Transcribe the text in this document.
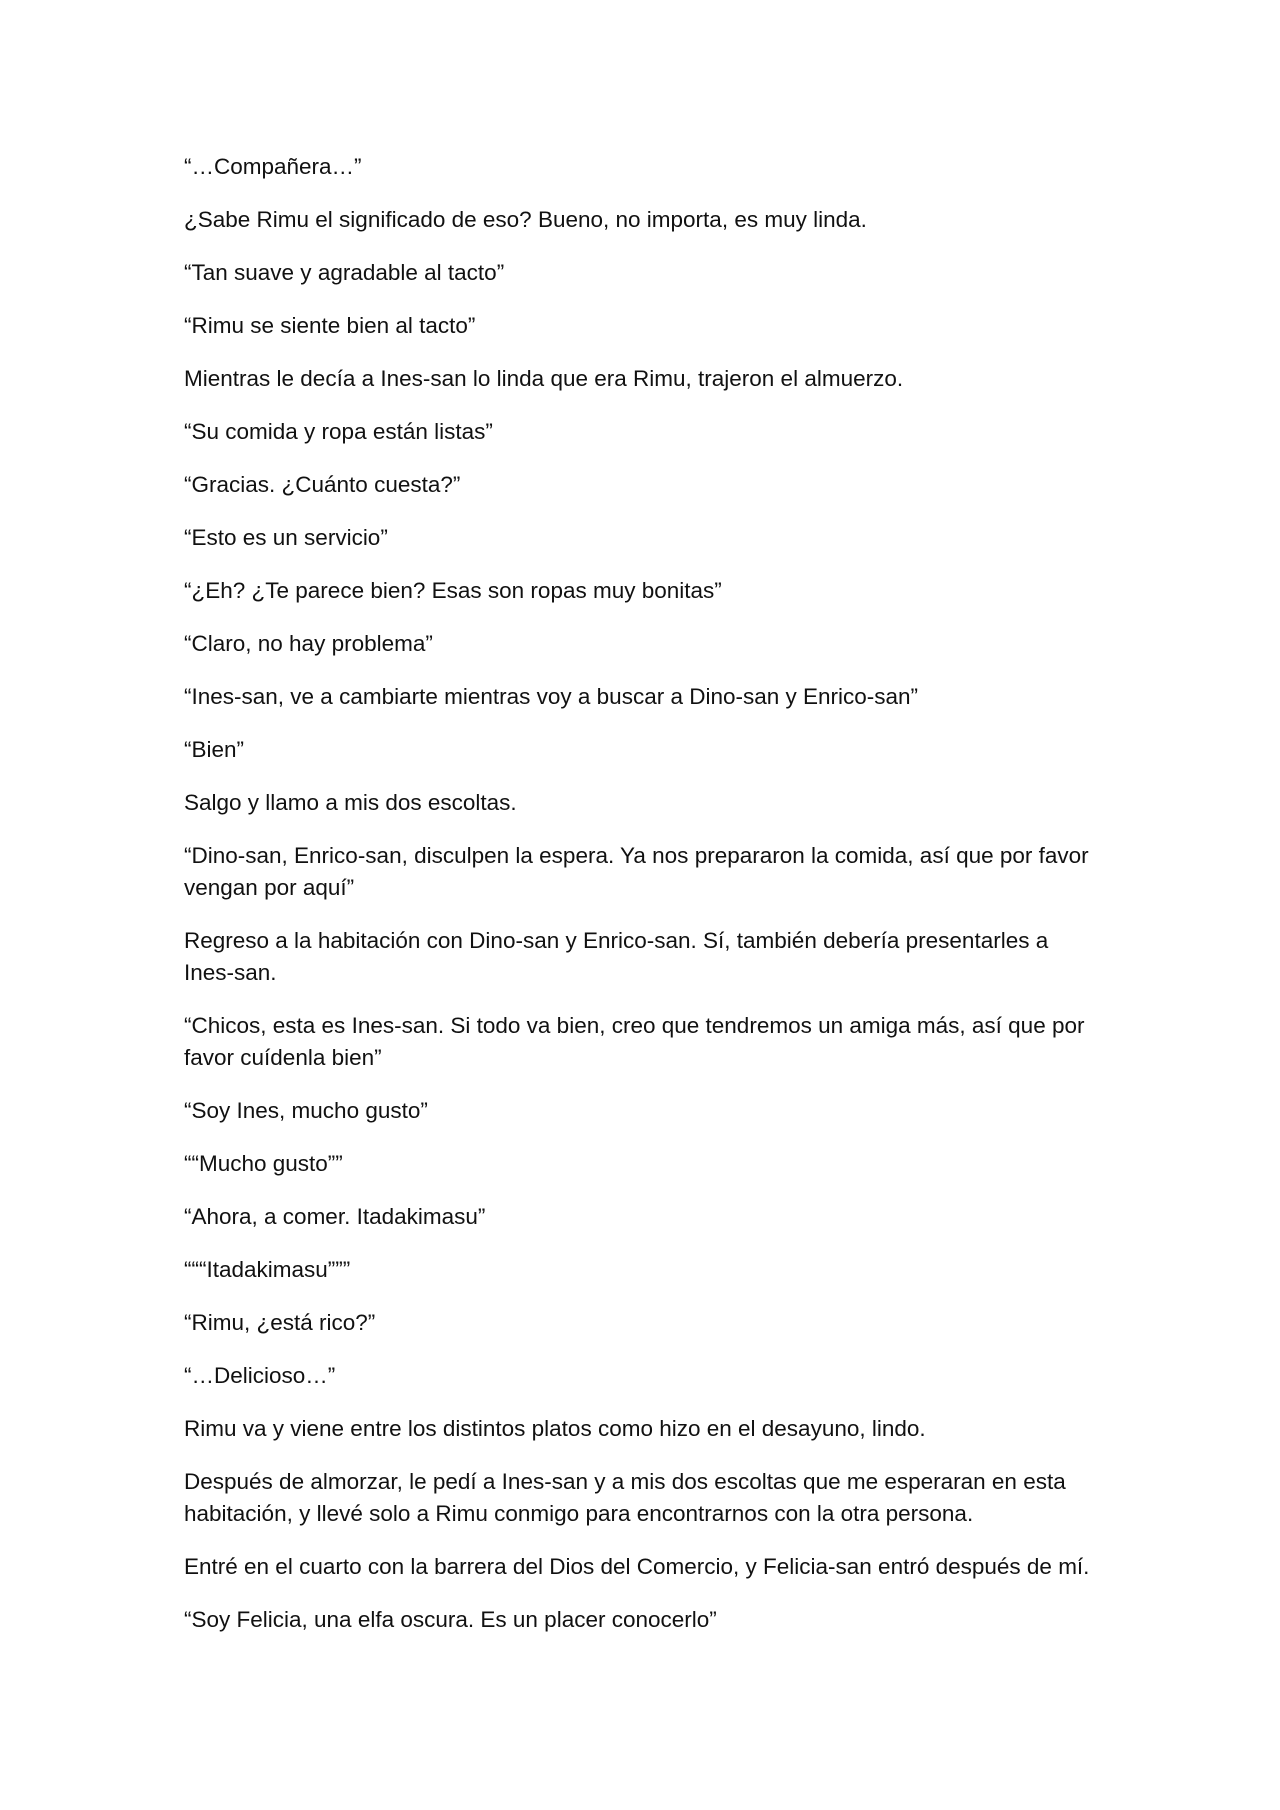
“…Compañera…”

¿Sabe Rimu el significado de eso? Bueno, no importa, es muy linda.

“Tan suave y agradable al tacto”

“Rimu se siente bien al tacto”

Mientras le decía a Ines-san lo linda que era Rimu, trajeron el almuerzo.

“Su comida y ropa están listas”

“Gracias. ¿Cuánto cuesta?”

“Esto es un servicio”

“¿Eh? ¿Te parece bien? Esas son ropas muy bonitas”

“Claro, no hay problema”

“Ines-san, ve a cambiarte mientras voy a buscar a Dino-san y Enrico-san”

“Bien”

Salgo y llamo a mis dos escoltas.

“Dino-san, Enrico-san, disculpen la espera. Ya nos prepararon la comida, así que por favor vengan por aquí”

Regreso a la habitación con Dino-san y Enrico-san. Sí, también debería presentarles a Ines-san.

“Chicos, esta es Ines-san. Si todo va bien, creo que tendremos un amiga más, así que por favor cuídenla bien”

“Soy Ines, mucho gusto”

““Mucho gusto””

“Ahora, a comer. Itadakimasu”

“““Itadakimasu”””

“Rimu, ¿está rico?”

“…Delicioso…”

Rimu va y viene entre los distintos platos como hizo en el desayuno, lindo.

Después de almorzar, le pedí a Ines-san y a mis dos escoltas que me esperaran en esta habitación, y llevé solo a Rimu conmigo para encontrarnos con la otra persona.

Entré en el cuarto con la barrera del Dios del Comercio, y Felicia-san entró después de mí.

“Soy Felicia, una elfa oscura. Es un placer conocerlo”
